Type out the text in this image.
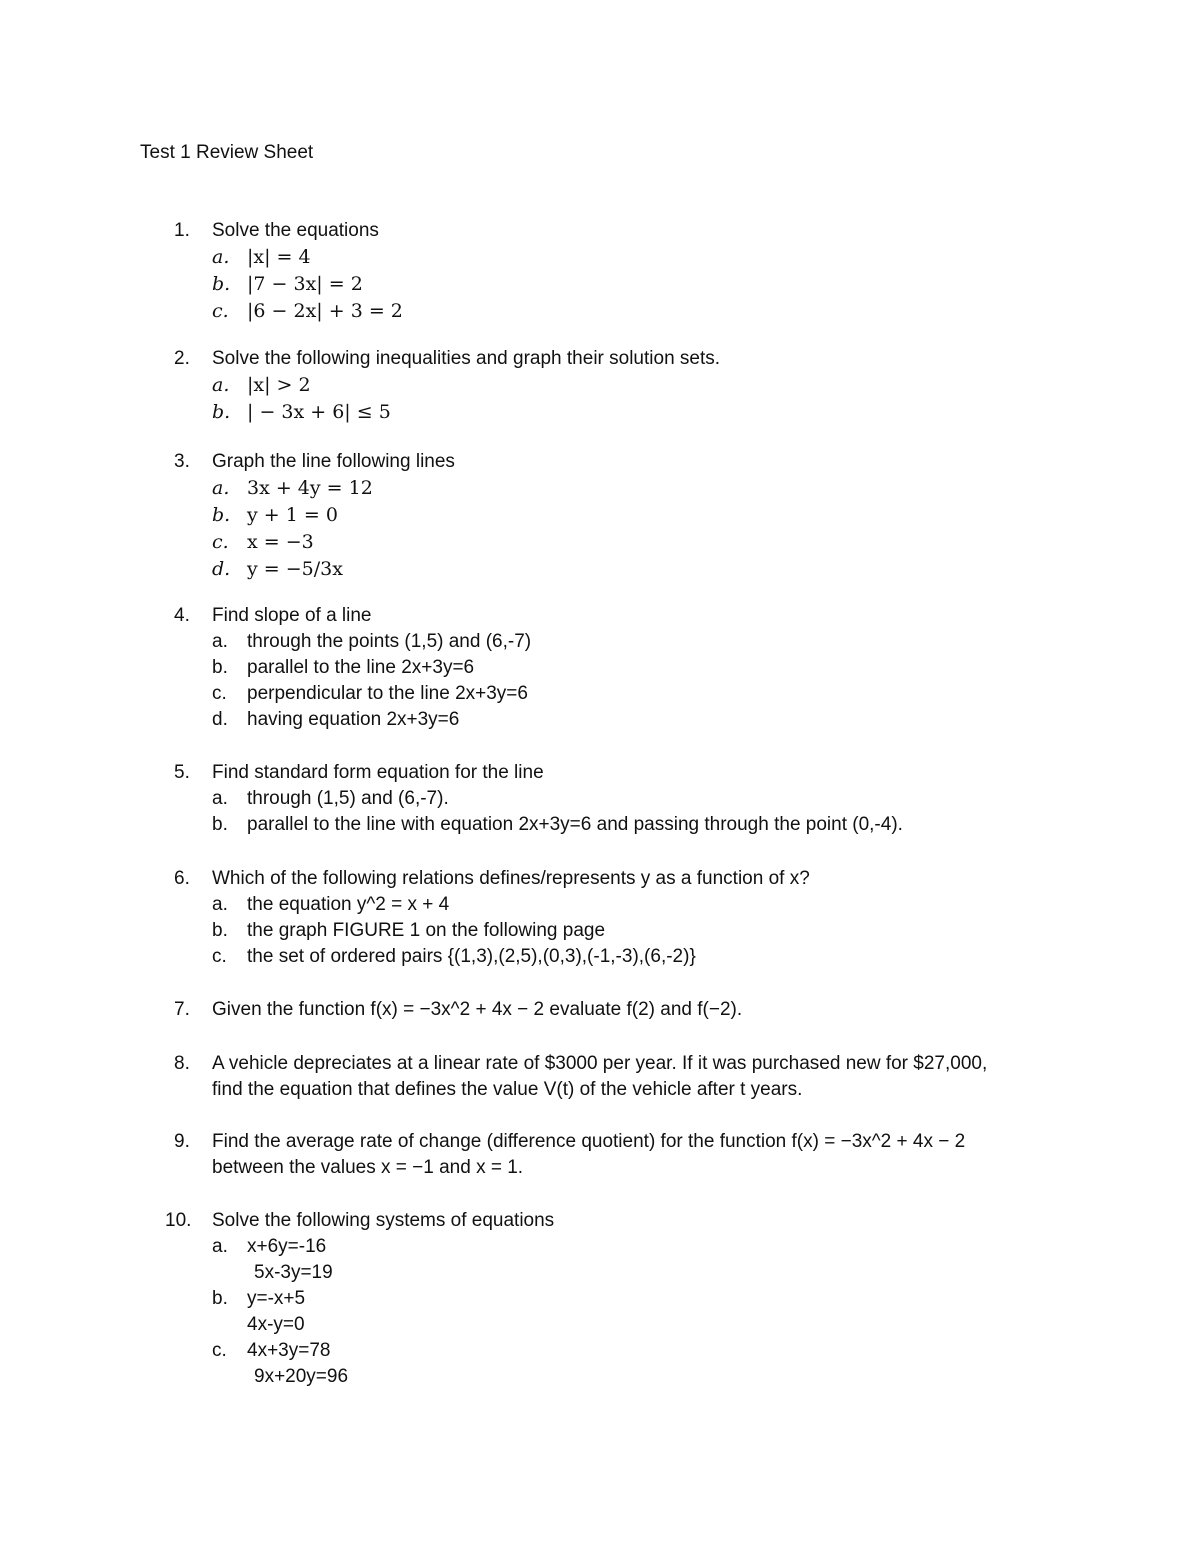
Test 1 Review Sheet
1. Solve the equations
a. |x| = 4
b. |7 − 3x| = 2
c. |6 − 2x| + 3 = 2
2. Solve the following inequalities and graph their solution sets.
a. |x| > 2
b. | − 3x + 6| ≤ 5
3. Graph the line following lines
a. 3x + 4y = 12
b. y + 1 = 0
c. x = −3
d. y = −5/3x
4. Find slope of a line
a. through the points (1,5) and (6,-7)
b. parallel to the line 2x+3y=6
c. perpendicular to the line 2x+3y=6
d. having equation 2x+3y=6
5. Find standard form equation for the line
a. through (1,5) and (6,-7).
b. parallel to the line with equation 2x+3y=6 and passing through the point (0,-4).
6. Which of the following relations defines/represents y as a function of x?
a. the equation y^2 = x + 4
b. the graph FIGURE 1 on the following page
c. the set of ordered pairs {(1,3),(2,5),(0,3),(-1,-3),(6,-2)}
7. Given the function f(x) = −3x^2 + 4x − 2 evaluate f(2) and f(−2).
8. A vehicle depreciates at a linear rate of $3000 per year. If it was purchased new for $27,000,
find the equation that defines the value V(t) of the vehicle after t years.
9. Find the average rate of change (difference quotient) for the function f(x) = −3x^2 + 4x − 2
between the values x = −1 and x = 1.
10. Solve the following systems of equations
a. x+6y=-16
5x-3y=19
b. y=-x+5
4x-y=0
c. 4x+3y=78
9x+20y=96
